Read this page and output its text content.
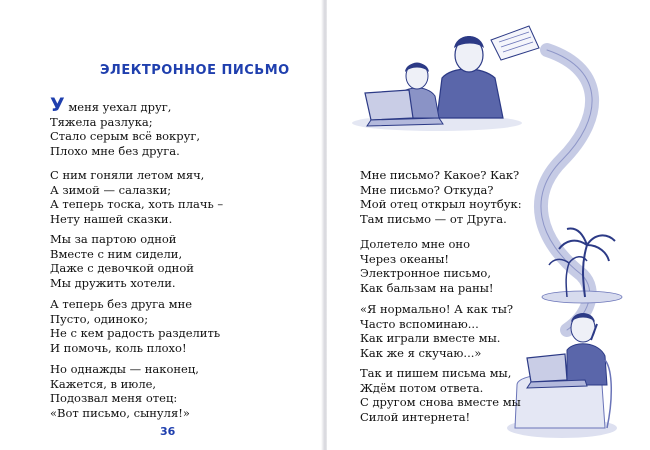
ЭЛЕКТРОННОЕ ПИСЬМО
У меня уехал друг,
Тяжела разлука;
Стало серым всё вокруг,
Плохо мне без друга.
С ним гоняли летом мяч,
А зимой — салазки;
А теперь тоска, хоть плачь –
Нету нашей сказки.
Мы за партою одной
Вместе с ним сидели,
Даже с девочкой одной
Мы дружить хотели.
А теперь без друга мне
Пусто, одиноко;
Не с кем радость разделить
И помочь, коль плохо!
Но однажды — наконец,
Кажется, в июле,
Подозвал меня отец:
«Вот письмо, сынуля!»
36
Мне письмо? Какое? Как?
Мне письмо? Откуда?
Мой отец открыл ноутбук:
Там письмо — от Друга.
Долетело мне оно
Через океаны!
Электронное письмо,
Как бальзам на раны!
«Я нормально! А как ты?
Часто вспоминаю...
Как играли вместе мы.
Как же я скучаю...»
Так и пишем письма мы,
Ждём потом ответа.
С другом снова вместе мы
Силой интернета!
